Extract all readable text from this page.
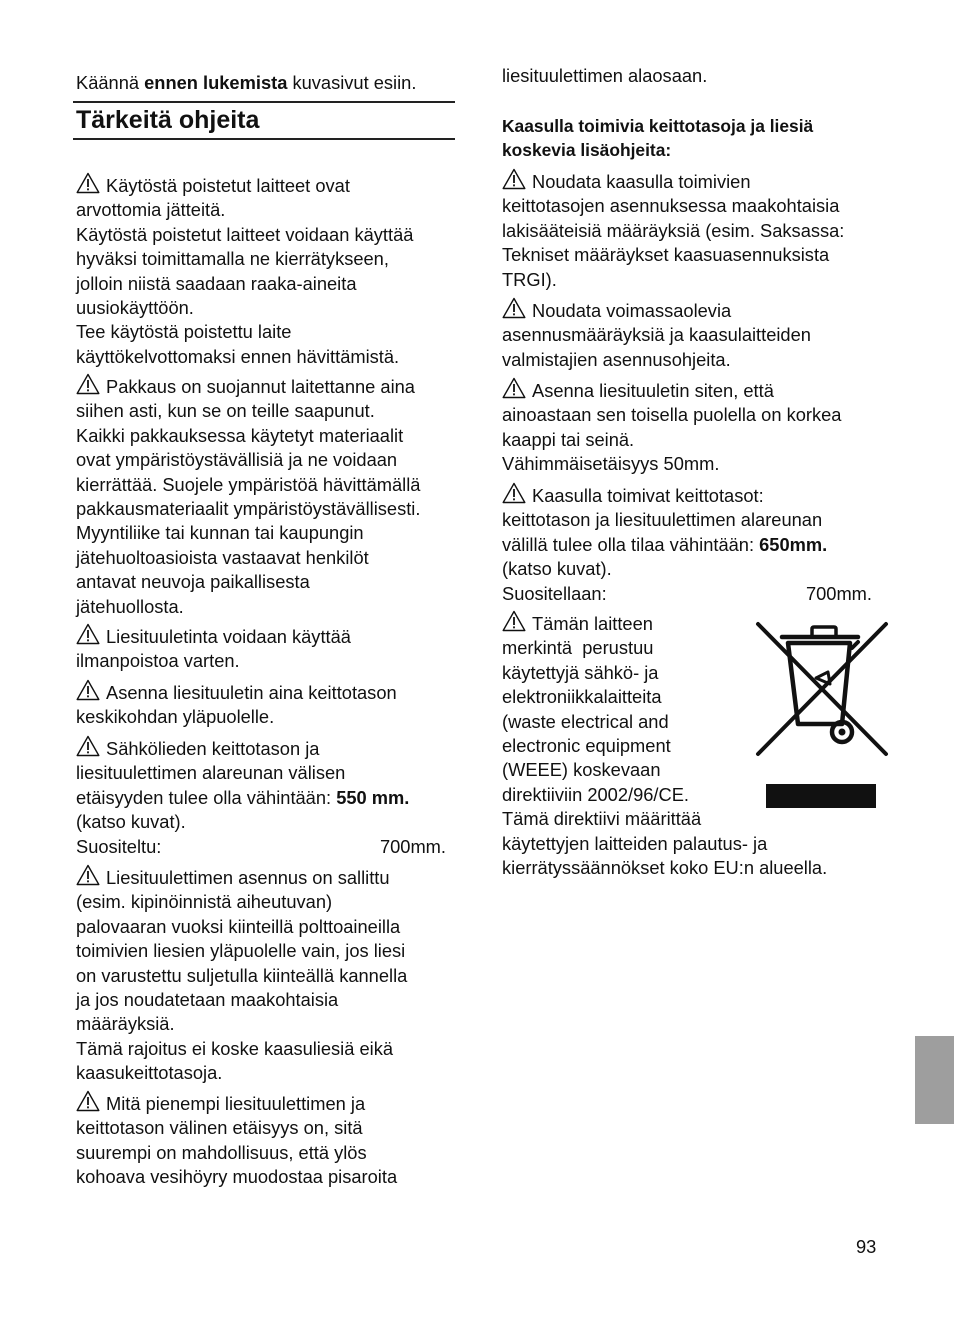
Käännä ennen lukemista kuvasivut esiin.

Tärkeitä ohjeita

Käytöstä poistetut laitteet ovat

arvottomia jätteitä.

Käytöstä poistetut laitteet voidaan käyttää

hyväksi toimittamalla ne kierrätykseen,

jolloin niistä saadaan raaka-aineita

uusiokäyttöön.

Tee käytöstä poistettu laite

käyttökelvottomaksi ennen hävittämistä.

Pakkaus on suojannut laitettanne aina

siihen asti, kun se on teille saapunut.

Kaikki pakkauksessa käytetyt materiaalit

ovat ympäristöystävällisiä ja ne voidaan

kierrättää. Suojele ympäristöä hävittämällä

pakkausmateriaalit ympäristöystävällisesti.

Myyntiliike tai kunnan tai kaupungin

jätehuoltoasioista vastaavat henkilöt

antavat neuvoja paikallisesta

jätehuollosta.

Liesituuletinta voidaan käyttää

ilmanpoistoa varten.

Asenna liesituuletin aina keittotason

keskikohdan yläpuolelle.

Sähkölieden keittotason ja

liesituulettimen alareunan välisen

etäisyyden tulee olla vähintään: 550 mm.

(katso kuvat).

Suositeltu:	700mm.

Liesituulettimen asennus on sallittu

(esim. kipinöinnistä aiheutuvan)

palovaaran vuoksi kiinteillä polttoaineilla

toimivien liesien yläpuolelle vain, jos liesi

on varustettu suljetulla kiinteällä kannella

ja jos noudatetaan maakohtaisia

määräyksiä.

Tämä rajoitus ei koske kaasuliesiä eikä

kaasukeittotasoja.

Mitä pienempi liesituulettimen ja

keittotason välinen etäisyys on, sitä

suurempi on mahdollisuus, että ylös

kohoava vesihöyry muodostaa pisaroita

liesituulettimen alaosaan.

Kaasulla toimivia keittotasoja ja liesiä

koskevia lisäohjeita:

Noudata kaasulla toimivien

keittotasojen asennuksessa maakohtaisia

lakisääteisiä määräyksiä (esim. Saksassa:

Tekniset määräykset kaasuasennuksista

TRGI).

Noudata voimassaolevia

asennusmääräyksiä ja kaasulaitteiden

valmistajien asennusohjeita.

Asenna liesituuletin siten, että

ainoastaan sen toisella puolella on korkea

kaappi tai seinä.

Vähimmäisetäisyys 50mm.

Kaasulla toimivat keittotasot:

keittotason ja liesituulettimen alareunan

välillä tulee olla tilaa vähintään: 650mm.

(katso kuvat).

Suositellaan:	700mm.

Tämän laitteen

merkintä  perustuu

käytettyjä sähkö- ja

elektroniikkalaitteita

(waste electrical and

electronic equipment

(WEEE) koskevaan

direktiiviin 2002/96/CE.

Tämä direktiivi määrittää

käytettyjen laitteiden palautus- ja

kierrätyssäännökset koko EU:n alueella.

93
